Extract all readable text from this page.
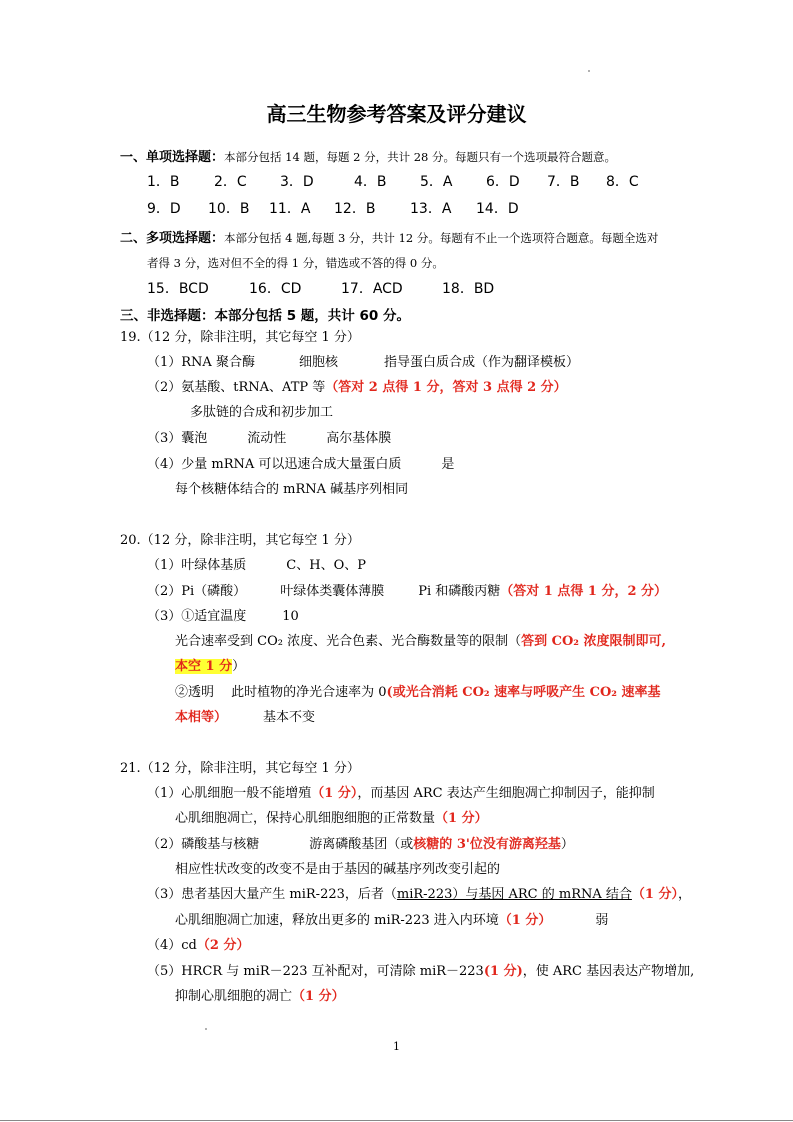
高三生物参考答案及评分建议
一、单项选择题：本部分包括 14 题，每题 2 分，共计 28 分。每题只有一个选项最符合题意。
1．B 2．C 3．D	4．B 5．A 6．D 7．B 8．C
9．D 10．B 11．A 12．B 13．A 14．D
二、多项选择题：本部分包括 4 题,每题 3 分，共计 12 分。每题有不止一个选项符合题意。每题全选对
者得 3 分，选对但不全的得 1 分，错选或不答的得 0 分。
15．BCD	16．CD	17．ACD	18．BD
三、非选择题：本部分包括 5 题，共计 60 分。
19.（12 分，除非注明，其它每空 1 分）
（1）RNA 聚合酶	细胞核	指导蛋白质合成（作为翻译模板）
（2）氨基酸、tRNA、ATP 等（答对 2 点得 1 分，答对 3 点得 2 分）
多肽链的合成和初步加工
（3）囊泡	流动性	高尔基体膜
（4）少量 mRNA 可以迅速合成大量蛋白质	是
每个核糖体结合的 mRNA 碱基序列相同
20.（12 分，除非注明，其它每空 1 分）
（1）叶绿体基质	C、H、O、P
（2）Pi（磷酸）	叶绿体类囊体薄膜	Pi 和磷酸丙糖（答对 1 点得 1 分，2 分）
（3）①适宜温度	10
光合速率受到 CO₂ 浓度、光合色素、光合酶数量等的限制（答到 CO₂ 浓度限制即可,
本空 1 分）
②透明　 此时植物的净光合速率为 0(或光合消耗 CO₂ 速率与呼吸产生 CO₂ 速率基
本相等）	基本不变
21.（12 分，除非注明，其它每空 1 分）
（1）心肌细胞一般不能增殖（1 分），而基因 ARC 表达产生细胞凋亡抑制因子，能抑制
心肌细胞凋亡，保持心肌细胞细胞的正常数量（1 分）
（2）磷酸基与核糖	游离磷酸基团（或核糖的 3'位没有游离羟基）
相应性状改变的改变不是由于基因的碱基序列改变引起的
（3）患者基因大量产生 miR-223，后者（miR-223）与基因 ARC 的 mRNA 结合（1 分），
心肌细胞凋亡加速，释放出更多的 miR-223 进入内环境（1 分）	弱
（4）cd（2 分）
（5）HRCR 与 miR－223 互补配对，可清除 miR－223(1 分)，使 ARC 基因表达产物增加,
抑制心肌细胞的凋亡（1 分）
1
